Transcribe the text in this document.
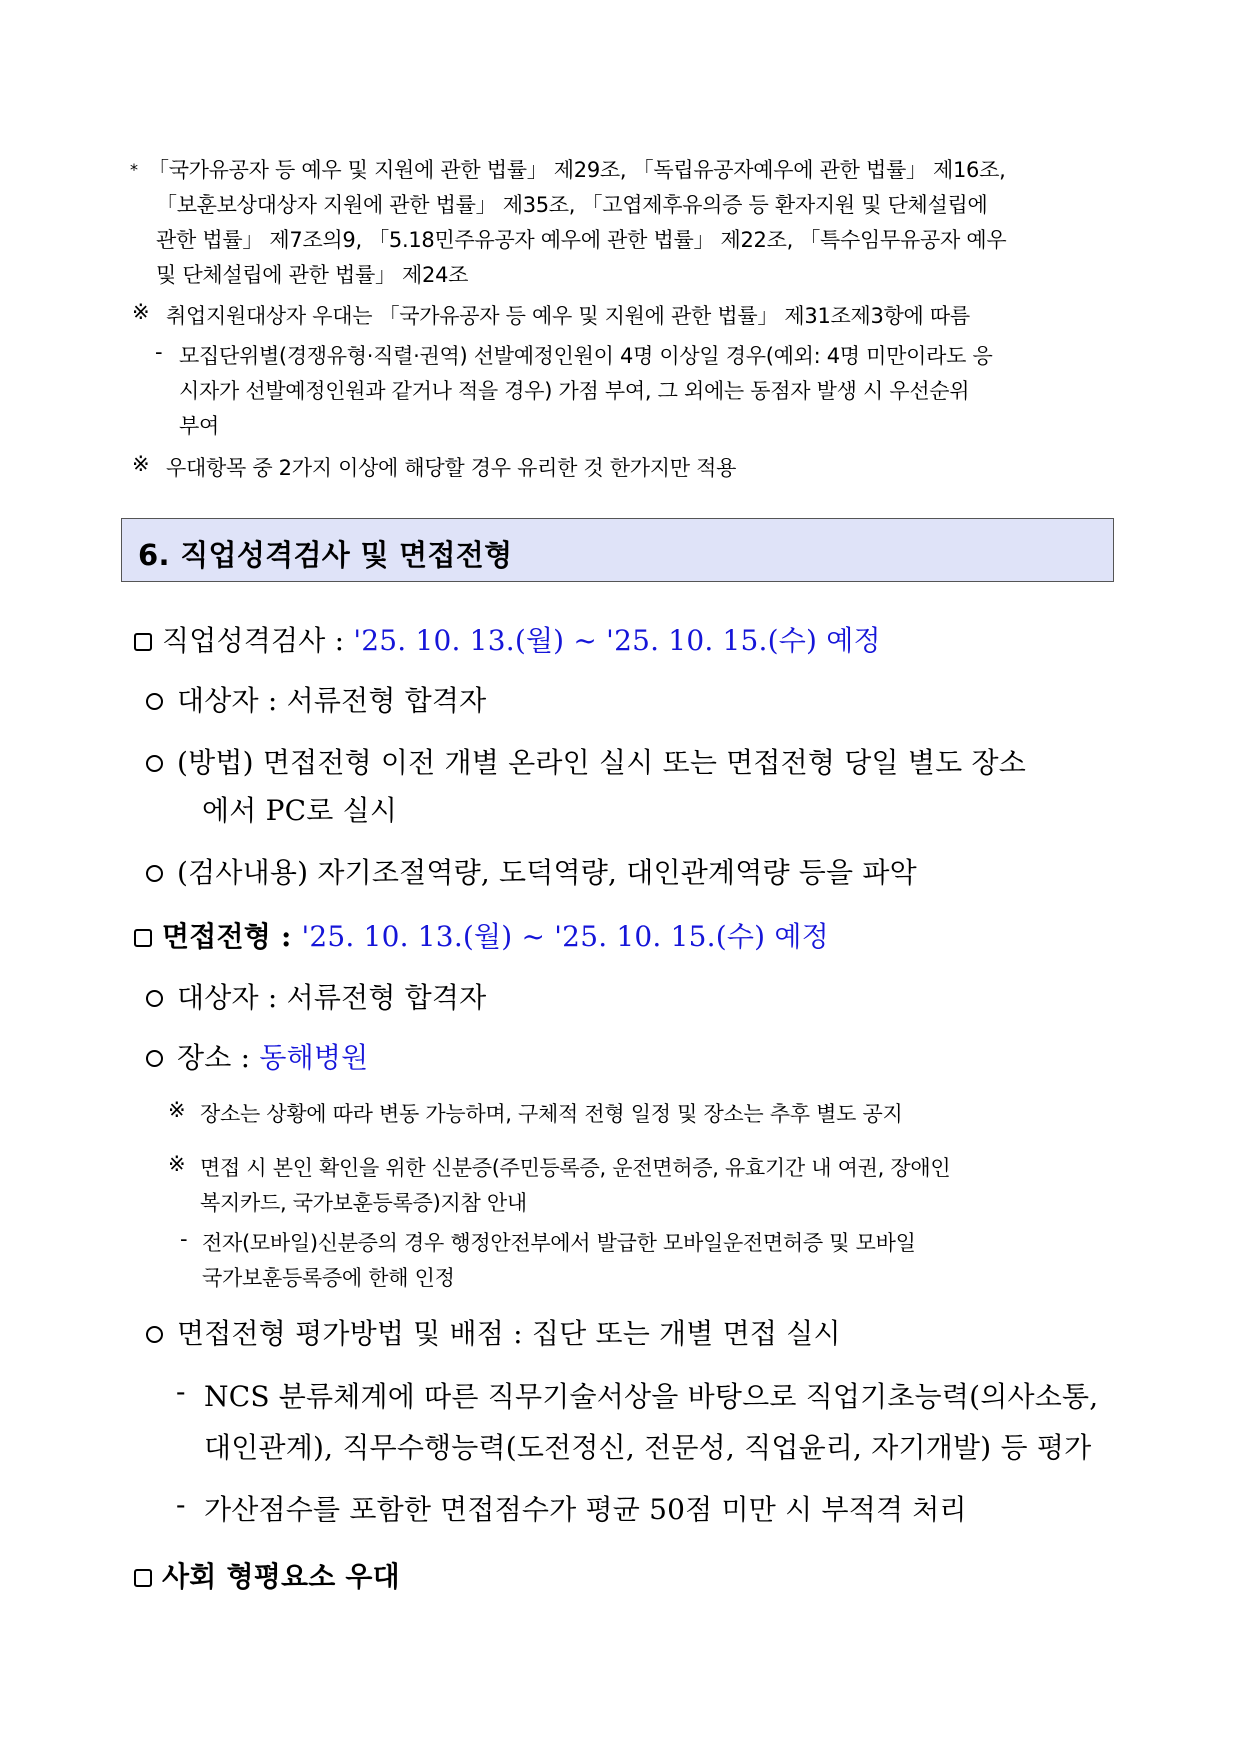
* 「국가유공자 등 예우 및 지원에 관한 법률」 제29조, 「독립유공자예우에 관한 법률」 제16조,
「보훈보상대상자 지원에 관한 법률」 제35조, 「고엽제후유의증 등 환자지원 및 단체설립에
관한 법률」 제7조의9, 「5.18민주유공자 예우에 관한 법률」 제22조, 「특수임무유공자 예우
및 단체설립에 관한 법률」 제24조
※ 취업지원대상자 우대는 「국가유공자 등 예우 및 지원에 관한 법률」 제31조제3항에 따름
- 모집단위별(경쟁유형·직렬·권역) 선발예정인원이 4명 이상일 경우(예외: 4명 미만이라도 응
시자가 선발예정인원과 같거나 적을 경우) 가점 부여, 그 외에는 동점자 발생 시 우선순위
부여
※ 우대항목 중 2가지 이상에 해당할 경우 유리한 것 한가지만 적용
6. 직업성격검사 및 면접전형
직업성격검사 : '25. 10. 13.(월) ~ '25. 10. 15.(수) 예정
대상자 : 서류전형 합격자
(방법) 면접전형 이전 개별 온라인 실시 또는 면접전형 당일 별도 장소
에서 PC로 실시
(검사내용) 자기조절역량, 도덕역량, 대인관계역량 등을 파악
면접전형 : '25. 10. 13.(월) ~ '25. 10. 15.(수) 예정
대상자 : 서류전형 합격자
장소 : 동해병원
※ 장소는 상황에 따라 변동 가능하며, 구체적 전형 일정 및 장소는 추후 별도 공지
※ 면접 시 본인 확인을 위한 신분증(주민등록증, 운전면허증, 유효기간 내 여권, 장애인
복지카드, 국가보훈등록증)지참 안내
- 전자(모바일)신분증의 경우 행정안전부에서 발급한 모바일운전면허증 및 모바일
국가보훈등록증에 한해 인정
면접전형 평가방법 및 배점 : 집단 또는 개별 면접 실시
- NCS 분류체계에 따른 직무기술서상을 바탕으로 직업기초능력(의사소통,
대인관계), 직무수행능력(도전정신, 전문성, 직업윤리, 자기개발) 등 평가
- 가산점수를 포함한 면접점수가 평균 50점 미만 시 부적격 처리
사회 형평요소 우대
